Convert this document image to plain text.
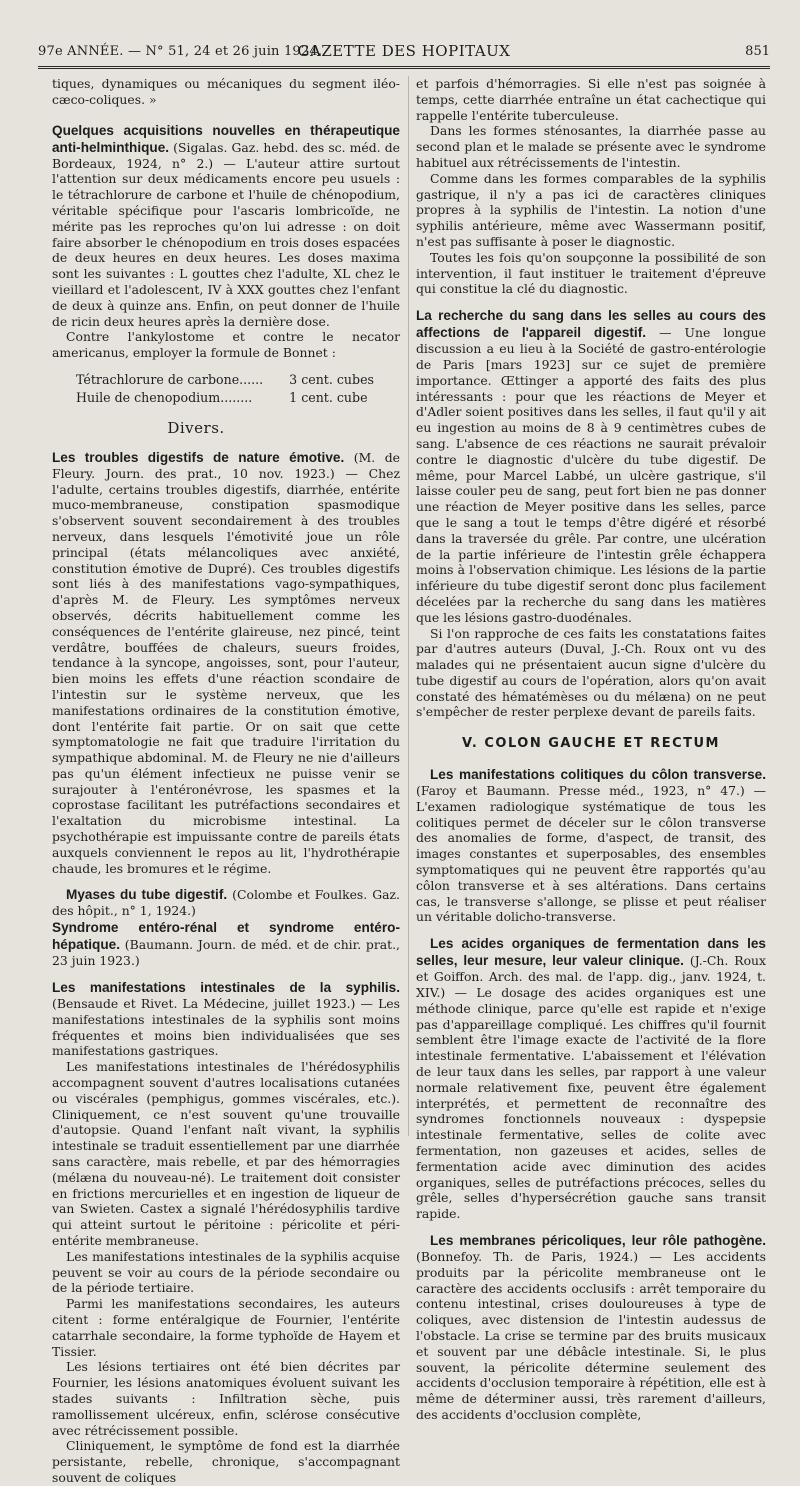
97e ANNÉE. — N° 51, 24 et 26 juin 1924.
GAZETTE DES HOPITAUX	851

tiques, dynamiques ou mécaniques du segment iléo-cæco-coliques. »

Quelques acquisitions nouvelles en thérapeutique anti-helminthique. (Sigalas. Gaz. hebd. des sc. méd. de Bordeaux, 1924, n° 2.) — L'auteur attire surtout l'attention sur deux médicaments encore peu usuels : le tétrachlorure de carbone et l'huile de chénopodium, véritable spécifique pour l'ascaris lombricoïde, ne mérite pas les reproches qu'on lui adresse : on doit faire absorber le chénopodium en trois doses espacées de deux heures en deux heures. Les doses maxima sont les suivantes : L gouttes chez l'adulte, XL chez le vieillard et l'adolescent, IV à XXX gouttes chez l'enfant de deux à quinze ans. Enfin, on peut donner de l'huile de ricin deux heures après la dernière dose.

Contre l'ankylostome et contre le necator americanus, employer la formule de Bonnet :

Tétrachlorure de carbone......	3 cent. cubes
Huile de chenopodium........	1 cent. cube
Divers.

Les troubles digestifs de nature émotive. (M. de Fleury. Journ. des prat., 10 nov. 1923.) — Chez l'adulte, certains troubles digestifs, diarrhée, entérite muco-membraneuse, constipation spasmodique s'observent souvent secondairement à des troubles nerveux, dans lesquels l'émotivité joue un rôle principal (états mélancoliques avec anxiété, constitution émotive de Dupré). Ces troubles digestifs sont liés à des manifestations vago-sympathiques, d'après M. de Fleury. Les symptômes nerveux observés, décrits habituellement comme les conséquences de l'entérite glaireuse, nez pincé, teint verdâtre, bouffées de chaleurs, sueurs froides, tendance à la syncope, angoisses, sont, pour l'auteur, bien moins les effets d'une réaction scondaire de l'intestin sur le système nerveux, que les manifestations ordinaires de la constitution émotive, dont l'entérite fait partie. Or on sait que cette symptomatologie ne fait que traduire l'irritation du sympathique abdominal. M. de Fleury ne nie d'ailleurs pas qu'un élément infectieux ne puisse venir se surajouter à l'entéronévrose, les spasmes et la coprostase facilitant les putréfactions secondaires et l'exaltation du microbisme intestinal. La psychothérapie est impuissante contre de pareils états auxquels conviennent le repos au lit, l'hydrothérapie chaude, les bromures et le régime.

Myases du tube digestif. (Colombe et Foulkes. Gaz. des hôpit., n° 1, 1924.)

Syndrome entéro-rénal et syndrome entéro-hépatique. (Baumann. Journ. de méd. et de chir. prat., 23 juin 1923.)

Les manifestations intestinales de la syphilis. (Bensaude et Rivet. La Médecine, juillet 1923.) — Les manifestations intestinales de la syphilis sont moins fréquentes et moins bien individualisées que ses manifestations gastriques.

Les manifestations intestinales de l'hérédosyphilis accompagnent souvent d'autres localisations cutanées ou viscérales (pemphigus, gommes viscérales, etc.). Cliniquement, ce n'est souvent qu'une trouvaille d'autopsie. Quand l'enfant naît vivant, la syphilis intestinale se traduit essentiellement par une diarrhée sans caractère, mais rebelle, et par des hémorragies (mélæna du nouveau-né). Le traitement doit consister en frictions mercurielles et en ingestion de liqueur de van Swieten. Castex a signalé l'hérédosyphilis tardive qui atteint surtout le péritoine : péricolite et péri-entérite membraneuse.

Les manifestations intestinales de la syphilis acquise peuvent se voir au cours de la période secondaire ou de la période tertiaire.

Parmi les manifestations secondaires, les auteurs citent : forme entéralgique de Fournier, l'entérite catarrhale secondaire, la forme typhoïde de Hayem et Tissier.

Les lésions tertiaires ont été bien décrites par Fournier, les lésions anatomiques évoluent suivant les stades suivants : Infiltration sèche, puis ramollissement ulcéreux, enfin, sclérose consécutive avec rétrécissement possible.

Cliniquement, le symptôme de fond est la diarrhée persistante, rebelle, chronique, s'accompagnant souvent de coliques

et parfois d'hémorragies. Si elle n'est pas soignée à temps, cette diarrhée entraîne un état cachectique qui rappelle l'entérite tuberculeuse.

Dans les formes sténosantes, la diarrhée passe au second plan et le malade se présente avec le syndrome habituel aux rétrécissements de l'intestin.

Comme dans les formes comparables de la syphilis gastrique, il n'y a pas ici de caractères cliniques propres à la syphilis de l'intestin. La notion d'une syphilis antérieure, même avec Wassermann positif, n'est pas suffisante à poser le diagnostic.

Toutes les fois qu'on soupçonne la possibilité de son intervention, il faut instituer le traitement d'épreuve qui constitue la clé du diagnostic.

La recherche du sang dans les selles au cours des affections de l'appareil digestif. — Une longue discussion a eu lieu à la Société de gastro-entérologie de Paris [mars 1923] sur ce sujet de première importance. Œttinger a apporté des faits des plus intéressants : pour que les réactions de Meyer et d'Adler soient positives dans les selles, il faut qu'il y ait eu ingestion au moins de 8 à 9 centimètres cubes de sang. L'absence de ces réactions ne saurait prévaloir contre le diagnostic d'ulcère du tube digestif. De même, pour Marcel Labbé, un ulcère gastrique, s'il laisse couler peu de sang, peut fort bien ne pas donner une réaction de Meyer positive dans les selles, parce que le sang a tout le temps d'être digéré et résorbé dans la traversée du grêle. Par contre, une ulcération de la partie inférieure de l'intestin grêle échappera moins à l'observation chimique. Les lésions de la partie inférieure du tube digestif seront donc plus facilement décelées par la recherche du sang dans les matières que les lésions gastro-duodénales.

Si l'on rapproche de ces faits les constatations faites par d'autres auteurs (Duval, J.-Ch. Roux ont vu des malades qui ne présentaient aucun signe d'ulcère du tube digestif au cours de l'opération, alors qu'on avait constaté des hématémèses ou du mélæna) on ne peut s'empêcher de rester perplexe devant de pareils faits.

V. COLON GAUCHE ET RECTUM

Les manifestations colitiques du côlon transverse. (Faroy et Baumann. Presse méd., 1923, n° 47.) — L'examen radiologique systématique de tous les colitiques permet de déceler sur le côlon transverse des anomalies de forme, d'aspect, de transit, des images constantes et superposables, des ensembles symptomatiques qui ne peuvent être rapportés qu'au côlon transverse et à ses altérations. Dans certains cas, le transverse s'allonge, se plisse et peut réaliser un véritable dolicho-transverse.

Les acides organiques de fermentation dans les selles, leur mesure, leur valeur clinique. (J.-Ch. Roux et Goiffon. Arch. des mal. de l'app. dig., janv. 1924, t. XIV.) — Le dosage des acides organiques est une méthode clinique, parce qu'elle est rapide et n'exige pas d'appareillage compliqué. Les chiffres qu'il fournit semblent être l'image exacte de l'activité de la flore intestinale fermentative. L'abaissement et l'élévation de leur taux dans les selles, par rapport à une valeur normale relativement fixe, peuvent être également interprétés, et permettent de reconnaître des syndromes fonctionnels nouveaux : dyspepsie intestinale fermentative, selles de colite avec fermentation, non gazeuses et acides, selles de fermentation acide avec diminution des acides organiques, selles de putréfactions précoces, selles du grêle, selles d'hypersécrétion gauche sans transit rapide.

Les membranes péricoliques, leur rôle pathogène. (Bonnefoy. Th. de Paris, 1924.) — Les accidents produits par la péricolite membraneuse ont le caractère des accidents occlusifs : arrêt temporaire du contenu intestinal, crises douloureuses à type de coliques, avec distension de l'intestin audessus de l'obstacle. La crise se termine par des bruits musicaux et souvent par une débâcle intestinale. Si, le plus souvent, la péricolite détermine seulement des accidents d'occlusion temporaire à répétition, elle est à même de déterminer aussi, très rarement d'ailleurs, des accidents d'occlusion complète,
